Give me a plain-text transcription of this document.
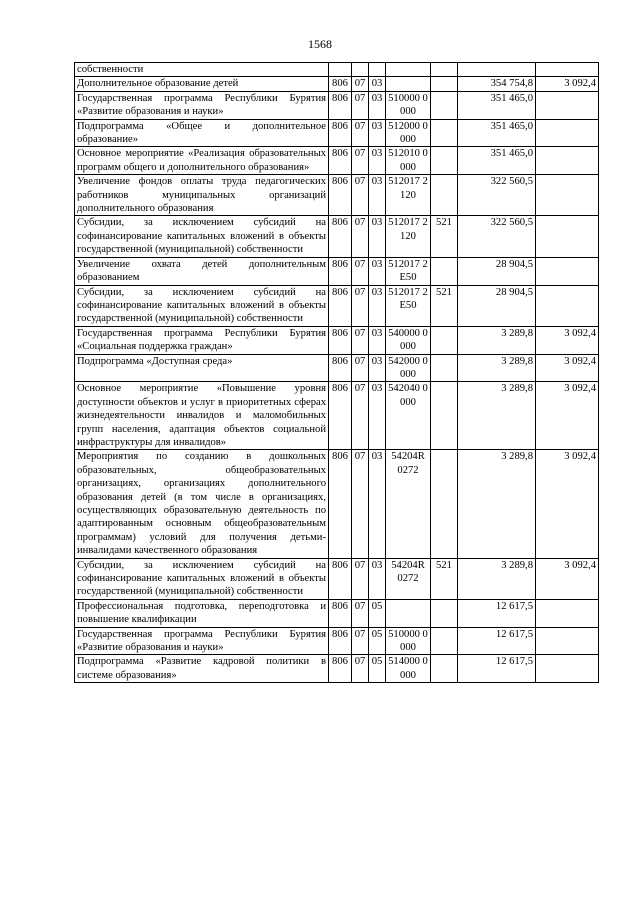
1568
собственности							
Дополнительное образование детей	806	07	03			354 754,8	3 092,4
Государственная программа Республики Бурятия «Развитие образования и науки»	806	07	03	510000 0000		351 465,0	
Подпрограмма «Общее и дополнительное образование»	806	07	03	512000 0000		351 465,0	
Основное мероприятие «Реализация образовательных программ общего и дополнительного образования»	806	07	03	512010 0000		351 465,0	
Увеличение фондов оплаты труда педагогических работников муниципальных организаций дополнительного образования	806	07	03	512017 2120		322 560,5	
Субсидии, за исключением субсидий на софинансирование капитальных вложений в объекты государственной (муниципальной) собственности	806	07	03	512017 2120	521	322 560,5	
Увеличение охвата детей дополнительным образованием	806	07	03	512017 2E50		28 904,5	
Субсидии, за исключением субсидий на софинансирование капитальных вложений в объекты государственной (муниципальной) собственности	806	07	03	512017 2E50	521	28 904,5	
Государственная программа Республики Бурятия «Социальная поддержка граждан»	806	07	03	540000 0000		3 289,8	3 092,4
Подпрограмма «Доступная среда»	806	07	03	542000 0000		3 289,8	3 092,4
Основное мероприятие «Повышение уровня доступности объектов и услуг в приоритетных сферах жизнедеятельности инвалидов и маломобильных групп населения, адаптация объектов социальной инфраструктуры для инвалидов»	806	07	03	542040 0000		3 289,8	3 092,4
Мероприятия по созданию в дошкольных образовательных, общеобразовательных организациях, организациях дополнительного образования детей (в том числе в организациях, осуществляющих образовательную деятельность по адаптированным основным общеобразовательным программам) условий для получения детьми-инвалидами качественного образования	806	07	03	54204R 0272		3 289,8	3 092,4
Субсидии, за исключением субсидий на софинансирование капитальных вложений в объекты государственной (муниципальной) собственности	806	07	03	54204R 0272	521	3 289,8	3 092,4
Профессиональная подготовка, переподготовка и повышение квалификации	806	07	05			12 617,5	
Государственная программа Республики Бурятия «Развитие образования и науки»	806	07	05	510000 0000		12 617,5	
Подпрограмма «Развитие кадровой политики в системе образования»	806	07	05	514000 0000		12 617,5	
